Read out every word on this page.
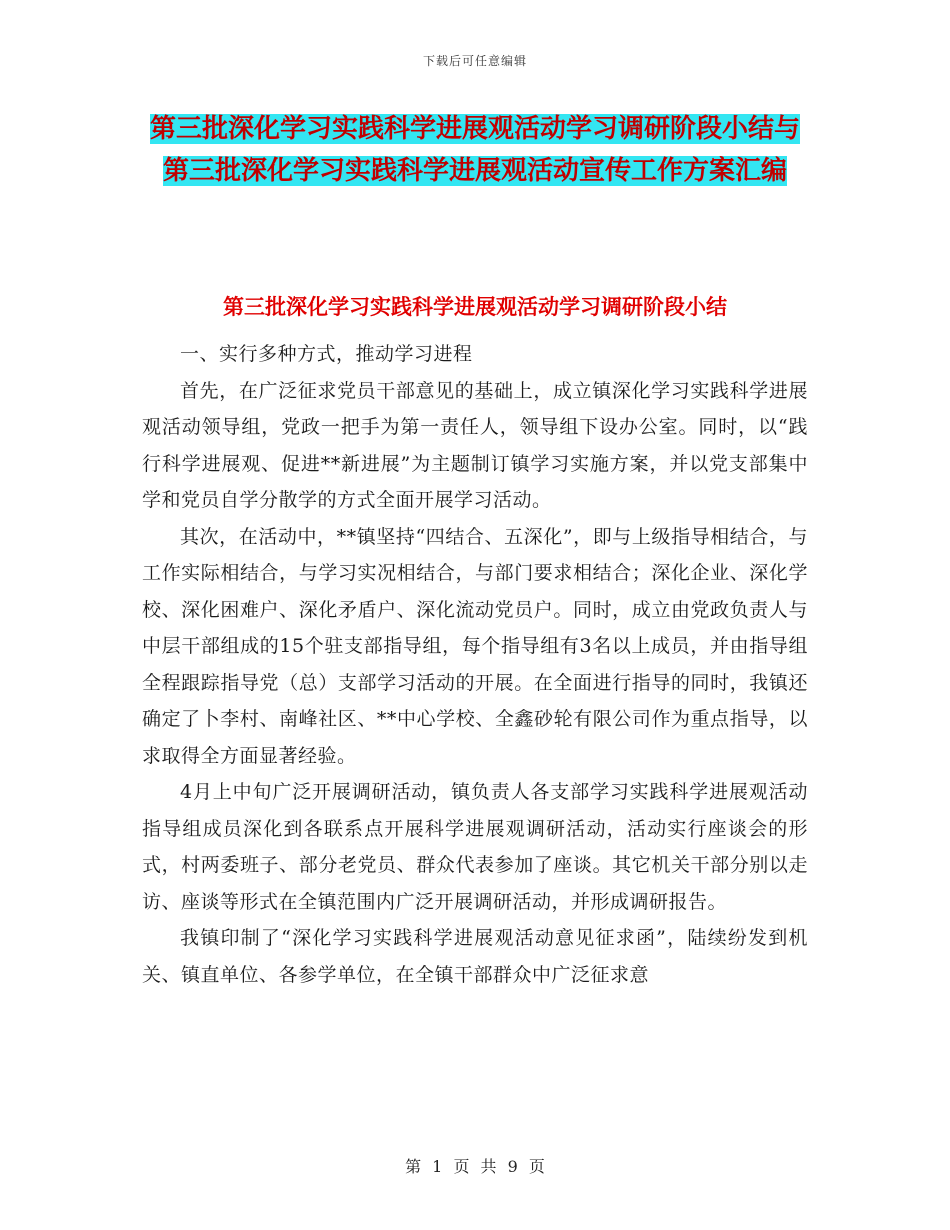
下载后可任意编辑
第三批深化学习实践科学进展观活动学习调研阶段小结与第三批深化学习实践科学进展观活动宣传工作方案汇编
第三批深化学习实践科学进展观活动学习调研阶段小结

一、实行多种方式，推动学习进程

首先，在广泛征求党员干部意见的基础上，成立镇深化学习实践科学进展观活动领导组，党政一把手为第一责任人，领导组下设办公室。同时，以“践行科学进展观、促进**新进展”为主题制订镇学习实施方案，并以党支部集中学和党员自学分散学的方式全面开展学习活动。

其次，在活动中，**镇坚持“四结合、五深化”，即与上级指导相结合，与工作实际相结合，与学习实况相结合，与部门要求相结合；深化企业、深化学校、深化困难户、深化矛盾户、深化流动党员户。同时，成立由党政负责人与中层干部组成的15个驻支部指导组，每个指导组有3名以上成员，并由指导组全程跟踪指导党（总）支部学习活动的开展。在全面进行指导的同时，我镇还确定了卜李村、南峰社区、**中心学校、全鑫砂轮有限公司作为重点指导，以求取得全方面显著经验。

4月上中旬广泛开展调研活动，镇负责人各支部学习实践科学进展观活动指导组成员深化到各联系点开展科学进展观调研活动，活动实行座谈会的形式，村两委班子、部分老党员、群众代表参加了座谈。其它机关干部分别以走访、座谈等形式在全镇范围内广泛开展调研活动，并形成调研报告。

我镇印制了“深化学习实践科学进展观活动意见征求函”，陆续纷发到机关、镇直单位、各参学单位，在全镇干部群众中广泛征求意

第 1 页 共 9 页
